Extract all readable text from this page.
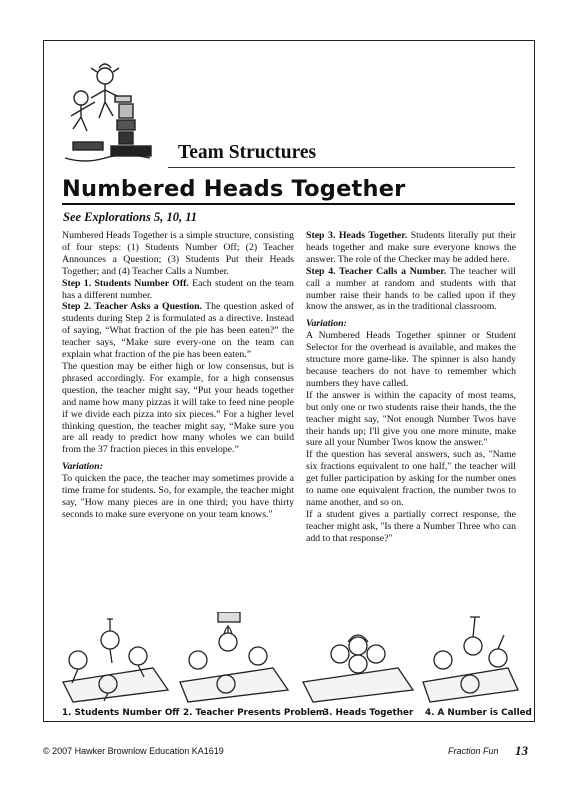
Team Structures
Numbered Heads Together
See Explorations 5, 10, 11

Numbered Heads Together is a simple structure, consisting of four steps: (1) Students Number Off; (2) Teacher Announces a Question; (3) Students Put their Heads Together; and (4) Teacher Calls a Number.

Step 1. Students Number Off. Each student on the team has a different number.

Step 2. Teacher Asks a Question. The question asked of students during Step 2 is formulated as a directive. Instead of saying, “What fraction of the pie has been eaten?” the teacher says, “Make sure every-one on the team can explain what fraction of the pie has been eaten.”

The question may be either high or low consensus, but is phrased accordingly. For example, for a high consensus question, the teacher might say, “Put your heads together and name how many pizzas it will take to feed nine people if we divide each pizza into six pieces.” For a higher level thinking question, the teacher might say, “Make sure you are all ready to predict how many wholes we can build from the 37 fraction pieces in this envelope.”

Variation:

To quicken the pace, the teacher may sometimes provide a time frame for students. So, for example, the teacher might say, "How many pieces are in one third; you have thirty seconds to make sure everyone on your team knows."

Step 3. Heads Together. Students literally put their heads together and make sure everyone knows the answer. The role of the Checker may be added here.

Step 4. Teacher Calls a Number. The teacher will call a number at random and students with that number raise their hands to be called upon if they know the answer, as in the traditional classroom.

Variation:

A Numbered Heads Together spinner or Student Selector for the overhead is available, and makes the structure more game-like. The spinner is also handy because teachers do not have to remember which numbers they have called.

If the answer is within the capacity of most teams, but only one or two students raise their hands, the the teacher might say, "Not enough Number Twos have their hands up; I'll give you one more minute, make sure all your Number Twos know the answer."

If the question has several answers, such as, "Name six fractions equivalent to one half," the teacher will get fuller participation by asking for the number ones to name one equivalent fraction, the number twos to name another, and so on.

If a student gives a partially correct response, the teacher might ask, "Is there a Number Three who can add to that response?"

1. Students Number Off 2. Teacher Presents Problem
3. Heads Together 4. A Number is Called
© 2007 Hawker Brownlow Education KA1619	Fraction Fun 13
